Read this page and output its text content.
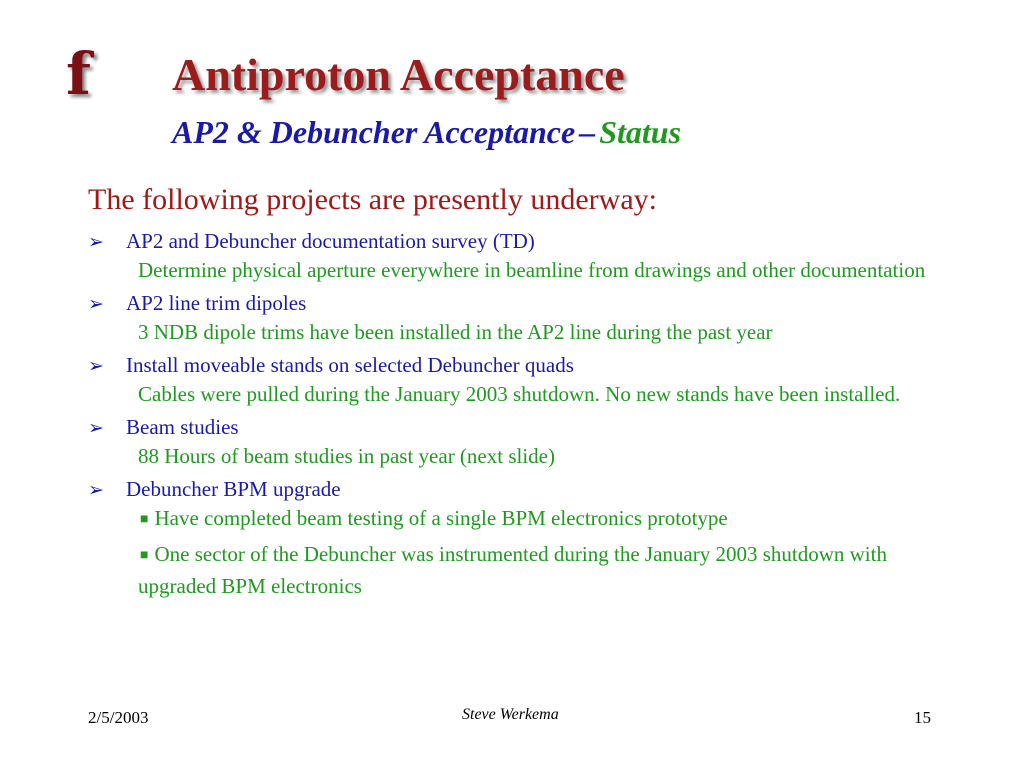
f Antiproton Acceptance
AP2 & Debuncher Acceptance – Status

The following projects are presently underway:

➢	AP2 and Debuncher documentation survey (TD)

Determine physical aperture everywhere in beamline from drawings and other documentation

➢	AP2 line trim dipoles

3 NDB dipole trims have been installed in the AP2 line during the past year

➢	Install moveable stands on selected Debuncher quads

Cables were pulled during the January 2003 shutdown. No new stands have been installed.

➢	Beam studies

88 Hours of beam studies in past year (next slide)

➢	Debuncher BPM upgrade

■ Have completed beam testing of a single BPM electronics prototype

■ One sector of the Debuncher was instrumented during the January 2003 shutdown with upgraded BPM electronics

2/5/2003	Steve Werkema	15
